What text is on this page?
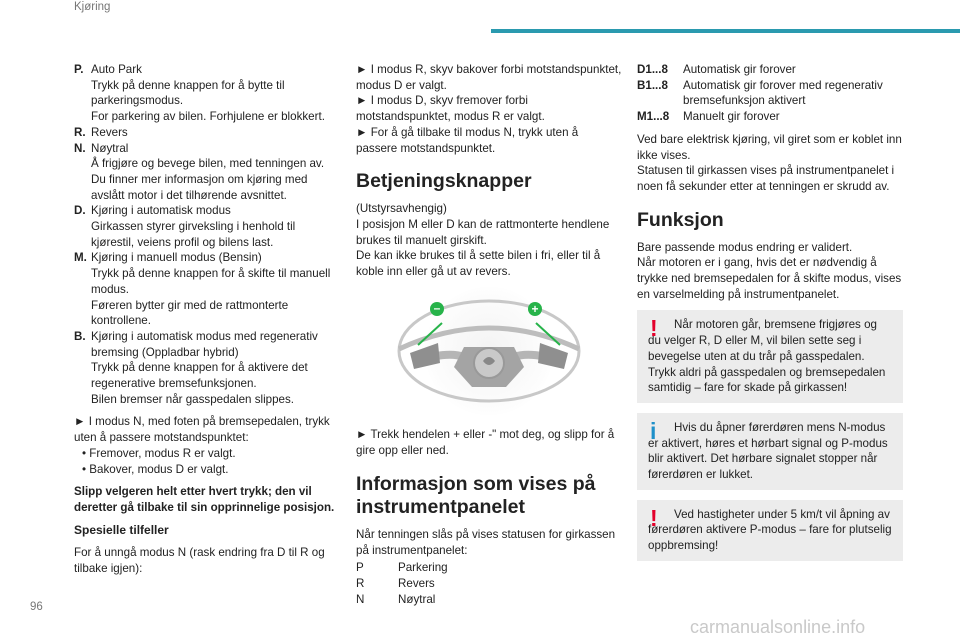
Kjøring
P. Auto Park
Trykk på denne knappen for å bytte til parkeringsmodus.
For parkering av bilen. Forhjulene er blokkert.
R. Revers
N. Nøytral
Å frigjøre og bevege bilen, med tenningen av.
Du finner mer informasjon om kjøring med avslått motor i det tilhørende avsnittet.
D. Kjøring i automatisk modus
Girkassen styrer girveksling i henhold til kjørestil, veiens profil og bilens last.
M. Kjøring i manuell modus (Bensin)
Trykk på denne knappen for å skifte til manuell modus.
Føreren bytter gir med de rattmonterte kontrollene.
B. Kjøring i automatisk modus med regenerativ bremsing (Oppladbar hybrid)
Trykk på denne knappen for å aktivere det regenerative bremsefunksjonen.
Bilen bremser når gasspedalen slippes.
► I modus N, med foten på bremsepedalen, trykk uten å passere motstandspunktet:
• Fremover, modus R er valgt.
• Bakover, modus D er valgt.
Slipp velgeren helt etter hvert trykk; den vil deretter gå tilbake til sin opprinnelige posisjon.
Spesielle tilfeller
For å unngå modus N (rask endring fra D til R og tilbake igjen):
► I modus R, skyv bakover forbi motstandspunktet, modus D er valgt.
► I modus D, skyv fremover forbi motstandspunktet, modus R er valgt.
► For å gå tilbake til modus N, trykk uten å passere motstandspunktet.
Betjeningsknapper
(Utstyrsavhengig)
I posisjon M eller D kan de rattmonterte hendlene brukes til manuelt girskift.
De kan ikke brukes til å sette bilen i fri, eller til å koble inn eller gå ut av revers.
–	+
► Trekk hendelen + eller -" mot deg, og slipp for å gire opp eller ned.
Informasjon som vises på instrumentpanelet
Når tenningen slås på vises statusen for girkassen på instrumentpanelet:
P	Parkering
R	Revers
N	Nøytral
D1...8	Automatisk gir forover
B1...8	Automatisk gir forover med regenerativ bremsefunksjon aktivert
M1...8	Manuelt gir forover
Ved bare elektrisk kjøring, vil giret som er koblet inn ikke vises.
Statusen til girkassen vises på instrumentpanelet i noen få sekunder etter at tenningen er skrudd av.
Funksjon
Bare passende modus endring er validert.
Når motoren er i gang, hvis det er nødvendig å trykke ned bremsepedalen for å skifte modus, vises en varselmelding på instrumentpanelet.
!	Når motoren går, bremsene frigjøres og du velger R, D eller M, vil bilen sette seg i bevegelse uten at du trår på gasspedalen. Trykk aldri på gasspedalen og bremsepedalen samtidig – fare for skade på girkassen!
i	Hvis du åpner førerdøren mens N-modus er aktivert, høres et hørbart signal og P-modus blir aktivert. Det hørbare signalet stopper når førerdøren er lukket.
!	Ved hastigheter under 5 km/t vil åpning av førerdøren aktivere P-modus – fare for plutselig oppbremsing!
96
carmanualsonline.info
